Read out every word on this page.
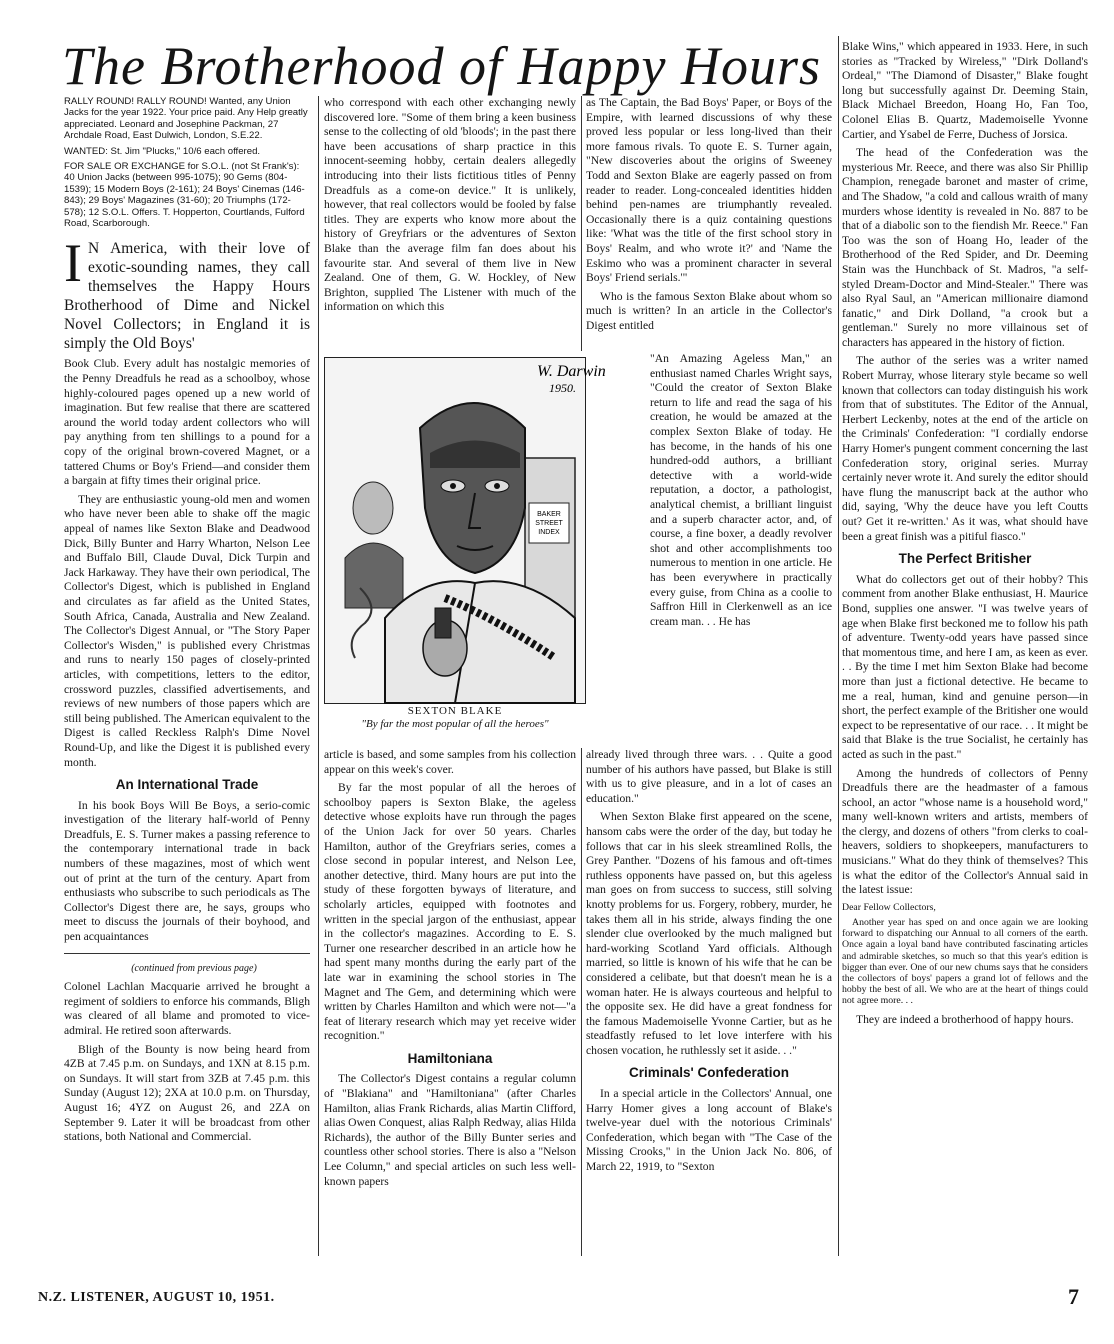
The Brotherhood of Happy Hours

RALLY ROUND! RALLY ROUND! Wanted, any Union Jacks for the year 1922. Your price paid. Any Help greatly appreciated. Leonard and Josephine Packman, 27 Archdale Road, East Dulwich, London, S.E.22.

WANTED: St. Jim "Plucks," 10/6 each offered.

FOR SALE OR EXCHANGE for S.O.L. (not St Frank's): 40 Union Jacks (between 995-1075); 90 Gems (804-1539); 15 Modern Boys (2-161); 24 Boys' Cinemas (146-843); 29 Boys' Magazines (31-60); 20 Triumphs (172-578); 12 S.O.L. Offers. T. Hopperton, Courtlands, Fulford Road, Scarborough.

I N America, with their love of exotic-sounding names, they call themselves the Happy Hours Brotherhood of Dime and Nickel Novel Collectors; in England it is simply the Old Boys'

Book Club. Every adult has nostalgic memories of the Penny Dreadfuls he read as a schoolboy, whose highly-coloured pages opened up a new world of imagination. But few realise that there are scattered around the world today ardent collectors who will pay anything from ten shillings to a pound for a copy of the original brown-covered Magnet, or a tattered Chums or Boy's Friend—and consider them a bargain at fifty times their original price.

They are enthusiastic young-old men and women who have never been able to shake off the magic appeal of names like Sexton Blake and Deadwood Dick, Billy Bunter and Harry Wharton, Nelson Lee and Buffalo Bill, Claude Duval, Dick Turpin and Jack Harkaway. They have their own periodical, The Collector's Digest, which is published in England and circulates as far afield as the United States, South Africa, Canada, Australia and New Zealand. The Collector's Digest Annual, or "The Story Paper Collector's Wisden," is published every Christmas and runs to nearly 150 pages of closely-printed articles, with competitions, letters to the editor, crossword puzzles, classified advertisements, and reviews of new numbers of those papers which are still being published. The American equivalent to the Digest is called Reckless Ralph's Dime Novel Round-Up, and like the Digest it is published every month.

An International Trade

In his book Boys Will Be Boys, a serio-comic investigation of the literary half-world of Penny Dreadfuls, E. S. Turner makes a passing reference to the contemporary international trade in back numbers of these magazines, most of which went out of print at the turn of the century. Apart from enthusiasts who subscribe to such periodicals as The Collector's Digest there are, he says, groups who meet to discuss the journals of their boyhood, and pen acquaintances

(continued from previous page)

Colonel Lachlan Macquarie arrived he brought a regiment of soldiers to enforce his commands, Bligh was cleared of all blame and promoted to vice-admiral. He retired soon afterwards.

Bligh of the Bounty is now being heard from 4ZB at 7.45 p.m. on Sundays, and 1XN at 8.15 p.m. on Sundays. It will start from 3ZB at 7.45 p.m. this Sunday (August 12); 2XA at 10.0 p.m. on Thursday, August 16; 4YZ on August 26, and 2ZA on September 9. Later it will be broadcast from other stations, both National and Commercial.

who correspond with each other exchanging newly discovered lore. "Some of them bring a keen business sense to the collecting of old 'bloods'; in the past there have been accusations of sharp practice in this innocent-seeming hobby, certain dealers allegedly introducing into their lists fictitious titles of Penny Dreadfuls as a come-on device." It is unlikely, however, that real collectors would be fooled by false titles. They are experts who know more about the history of Greyfriars or the adventures of Sexton Blake than the average film fan does about his favourite star. And several of them live in New Zealand. One of them, G. W. Hockley, of New Brighton, supplied The Listener with much of the information on which this

BAKER
STREET
INDEX
W. Darwin
1950.
SEXTON BLAKE
"By far the most popular of all the heroes"

article is based, and some samples from his collection appear on this week's cover.

By far the most popular of all the heroes of schoolboy papers is Sexton Blake, the ageless detective whose exploits have run through the pages of the Union Jack for over 50 years. Charles Hamilton, author of the Greyfriars series, comes a close second in popular interest, and Nelson Lee, another detective, third. Many hours are put into the study of these forgotten byways of literature, and scholarly articles, equipped with footnotes and written in the special jargon of the enthusiast, appear in the collector's magazines. According to E. S. Turner one researcher described in an article how he had spent many months during the early part of the late war in examining the school stories in The Magnet and The Gem, and determining which were written by Charles Hamilton and which were not—"a feat of literary research which may yet receive wider recognition."

Hamiltoniana

The Collector's Digest contains a regular column of "Blakiana" and "Hamiltoniana" (after Charles Hamilton, alias Frank Richards, alias Martin Clifford, alias Owen Conquest, alias Ralph Redway, alias Hilda Richards), the author of the Billy Bunter series and countless other school stories. There is also a "Nelson Lee Column," and special articles on such less well-known papers

as The Captain, the Bad Boys' Paper, or Boys of the Empire, with learned discussions of why these proved less popular or less long-lived than their more famous rivals. To quote E. S. Turner again, "New discoveries about the origins of Sweeney Todd and Sexton Blake are eagerly passed on from reader to reader. Long-concealed identities hidden behind pen-names are triumphantly revealed. Occasionally there is a quiz containing questions like: 'What was the title of the first school story in Boys' Realm, and who wrote it?' and 'Name the Eskimo who was a prominent character in several Boys' Friend serials.'"

Who is the famous Sexton Blake about whom so much is written? In an article in the Collector's Digest entitled

"An Amazing Ageless Man," an enthusiast named Charles Wright says, "Could the creator of Sexton Blake return to life and read the saga of his creation, he would be amazed at the complex Sexton Blake of today. He has become, in the hands of his one hundred-odd authors, a brilliant detective with a world-wide reputation, a doctor, a pathologist, analytical chemist, a brilliant linguist and a superb character actor, and, of course, a fine boxer, a deadly revolver shot and other accomplishments too numerous to mention in one article. He has been everywhere in practically every guise, from China as a coolie to Saffron Hill in Clerkenwell as an ice cream man. . . He has

already lived through three wars. . . Quite a good number of his authors have passed, but Blake is still with us to give pleasure, and in a lot of cases an education."

When Sexton Blake first appeared on the scene, hansom cabs were the order of the day, but today he follows that car in his sleek streamlined Rolls, the Grey Panther. "Dozens of his famous and oft-times ruthless opponents have passed on, but this ageless man goes on from success to success, still solving knotty problems for us. Forgery, robbery, murder, he takes them all in his stride, always finding the one slender clue overlooked by the much maligned but hard-working Scotland Yard officials. Although married, so little is known of his wife that he can be considered a celibate, but that doesn't mean he is a woman hater. He is always courteous and helpful to the opposite sex. He did have a great fondness for the famous Mademoiselle Yvonne Cartier, but as he steadfastly refused to let love interfere with his chosen vocation, he ruthlessly set it aside. . ."

Criminals' Confederation

In a special article in the Collectors' Annual, one Harry Homer gives a long account of Blake's twelve-year duel with the notorious Criminals' Confederation, which began with "The Case of the Missing Crooks," in the Union Jack No. 806, of March 22, 1919, to "Sexton

Blake Wins," which appeared in 1933. Here, in such stories as "Tracked by Wireless," "Dirk Dolland's Ordeal," "The Diamond of Disaster," Blake fought long but successfully against Dr. Deeming Stain, Black Michael Breedon, Hoang Ho, Fan Too, Colonel Elias B. Quartz, Mademoiselle Yvonne Cartier, and Ysabel de Ferre, Duchess of Jorsica.

The head of the Confederation was the mysterious Mr. Reece, and there was also Sir Phillip Champion, renegade baronet and master of crime, and The Shadow, "a cold and callous wraith of many murders whose identity is revealed in No. 887 to be that of a diabolic son to the fiendish Mr. Reece." Fan Too was the son of Hoang Ho, leader of the Brotherhood of the Red Spider, and Dr. Deeming Stain was the Hunchback of St. Madros, "a self-styled Dream-Doctor and Mind-Stealer." There was also Ryal Saul, an "American millionaire diamond fanatic," and Dirk Dolland, "a crook but a gentleman." Surely no more villainous set of characters has appeared in the history of fiction.

The author of the series was a writer named Robert Murray, whose literary style became so well known that collectors can today distinguish his work from that of substitutes. The Editor of the Annual, Herbert Leckenby, notes at the end of the article on the Criminals' Confederation: "I cordially endorse Harry Homer's pungent comment concerning the last Confederation story, original series. Murray certainly never wrote it. And surely the editor should have flung the manuscript back at the author who did, saying, 'Why the deuce have you left Coutts out? Get it re-written.' As it was, what should have been a great finish was a pitiful fiasco."

The Perfect Britisher

What do collectors get out of their hobby? This comment from another Blake enthusiast, H. Maurice Bond, supplies one answer. "I was twelve years of age when Blake first beckoned me to follow his path of adventure. Twenty-odd years have passed since that momentous time, and here I am, as keen as ever. . . By the time I met him Sexton Blake had become more than just a fictional detective. He became to me a real, human, kind and genuine person—in short, the perfect example of the Britisher one would expect to be representative of our race. . . It might be said that Blake is the true Socialist, he certainly has acted as such in the past."

Among the hundreds of collectors of Penny Dreadfuls there are the headmaster of a famous school, an actor "whose name is a household word," many well-known writers and artists, members of the clergy, and dozens of others "from clerks to coal-heavers, soldiers to shopkeepers, manufacturers to musicians." What do they think of themselves? This is what the editor of the Collector's Annual said in the latest issue:

Dear Fellow Collectors,

Another year has sped on and once again we are looking forward to dispatching our Annual to all corners of the earth. Once again a loyal band have contributed fascinating articles and admirable sketches, so much so that this year's edition is bigger than ever. One of our new chums says that he considers the collectors of boys' papers a grand lot of fellows and the hobby the best of all. We who are at the heart of things could not agree more. . .

They are indeed a brotherhood of happy hours.

N.Z. LISTENER, AUGUST 10, 1951.	7
